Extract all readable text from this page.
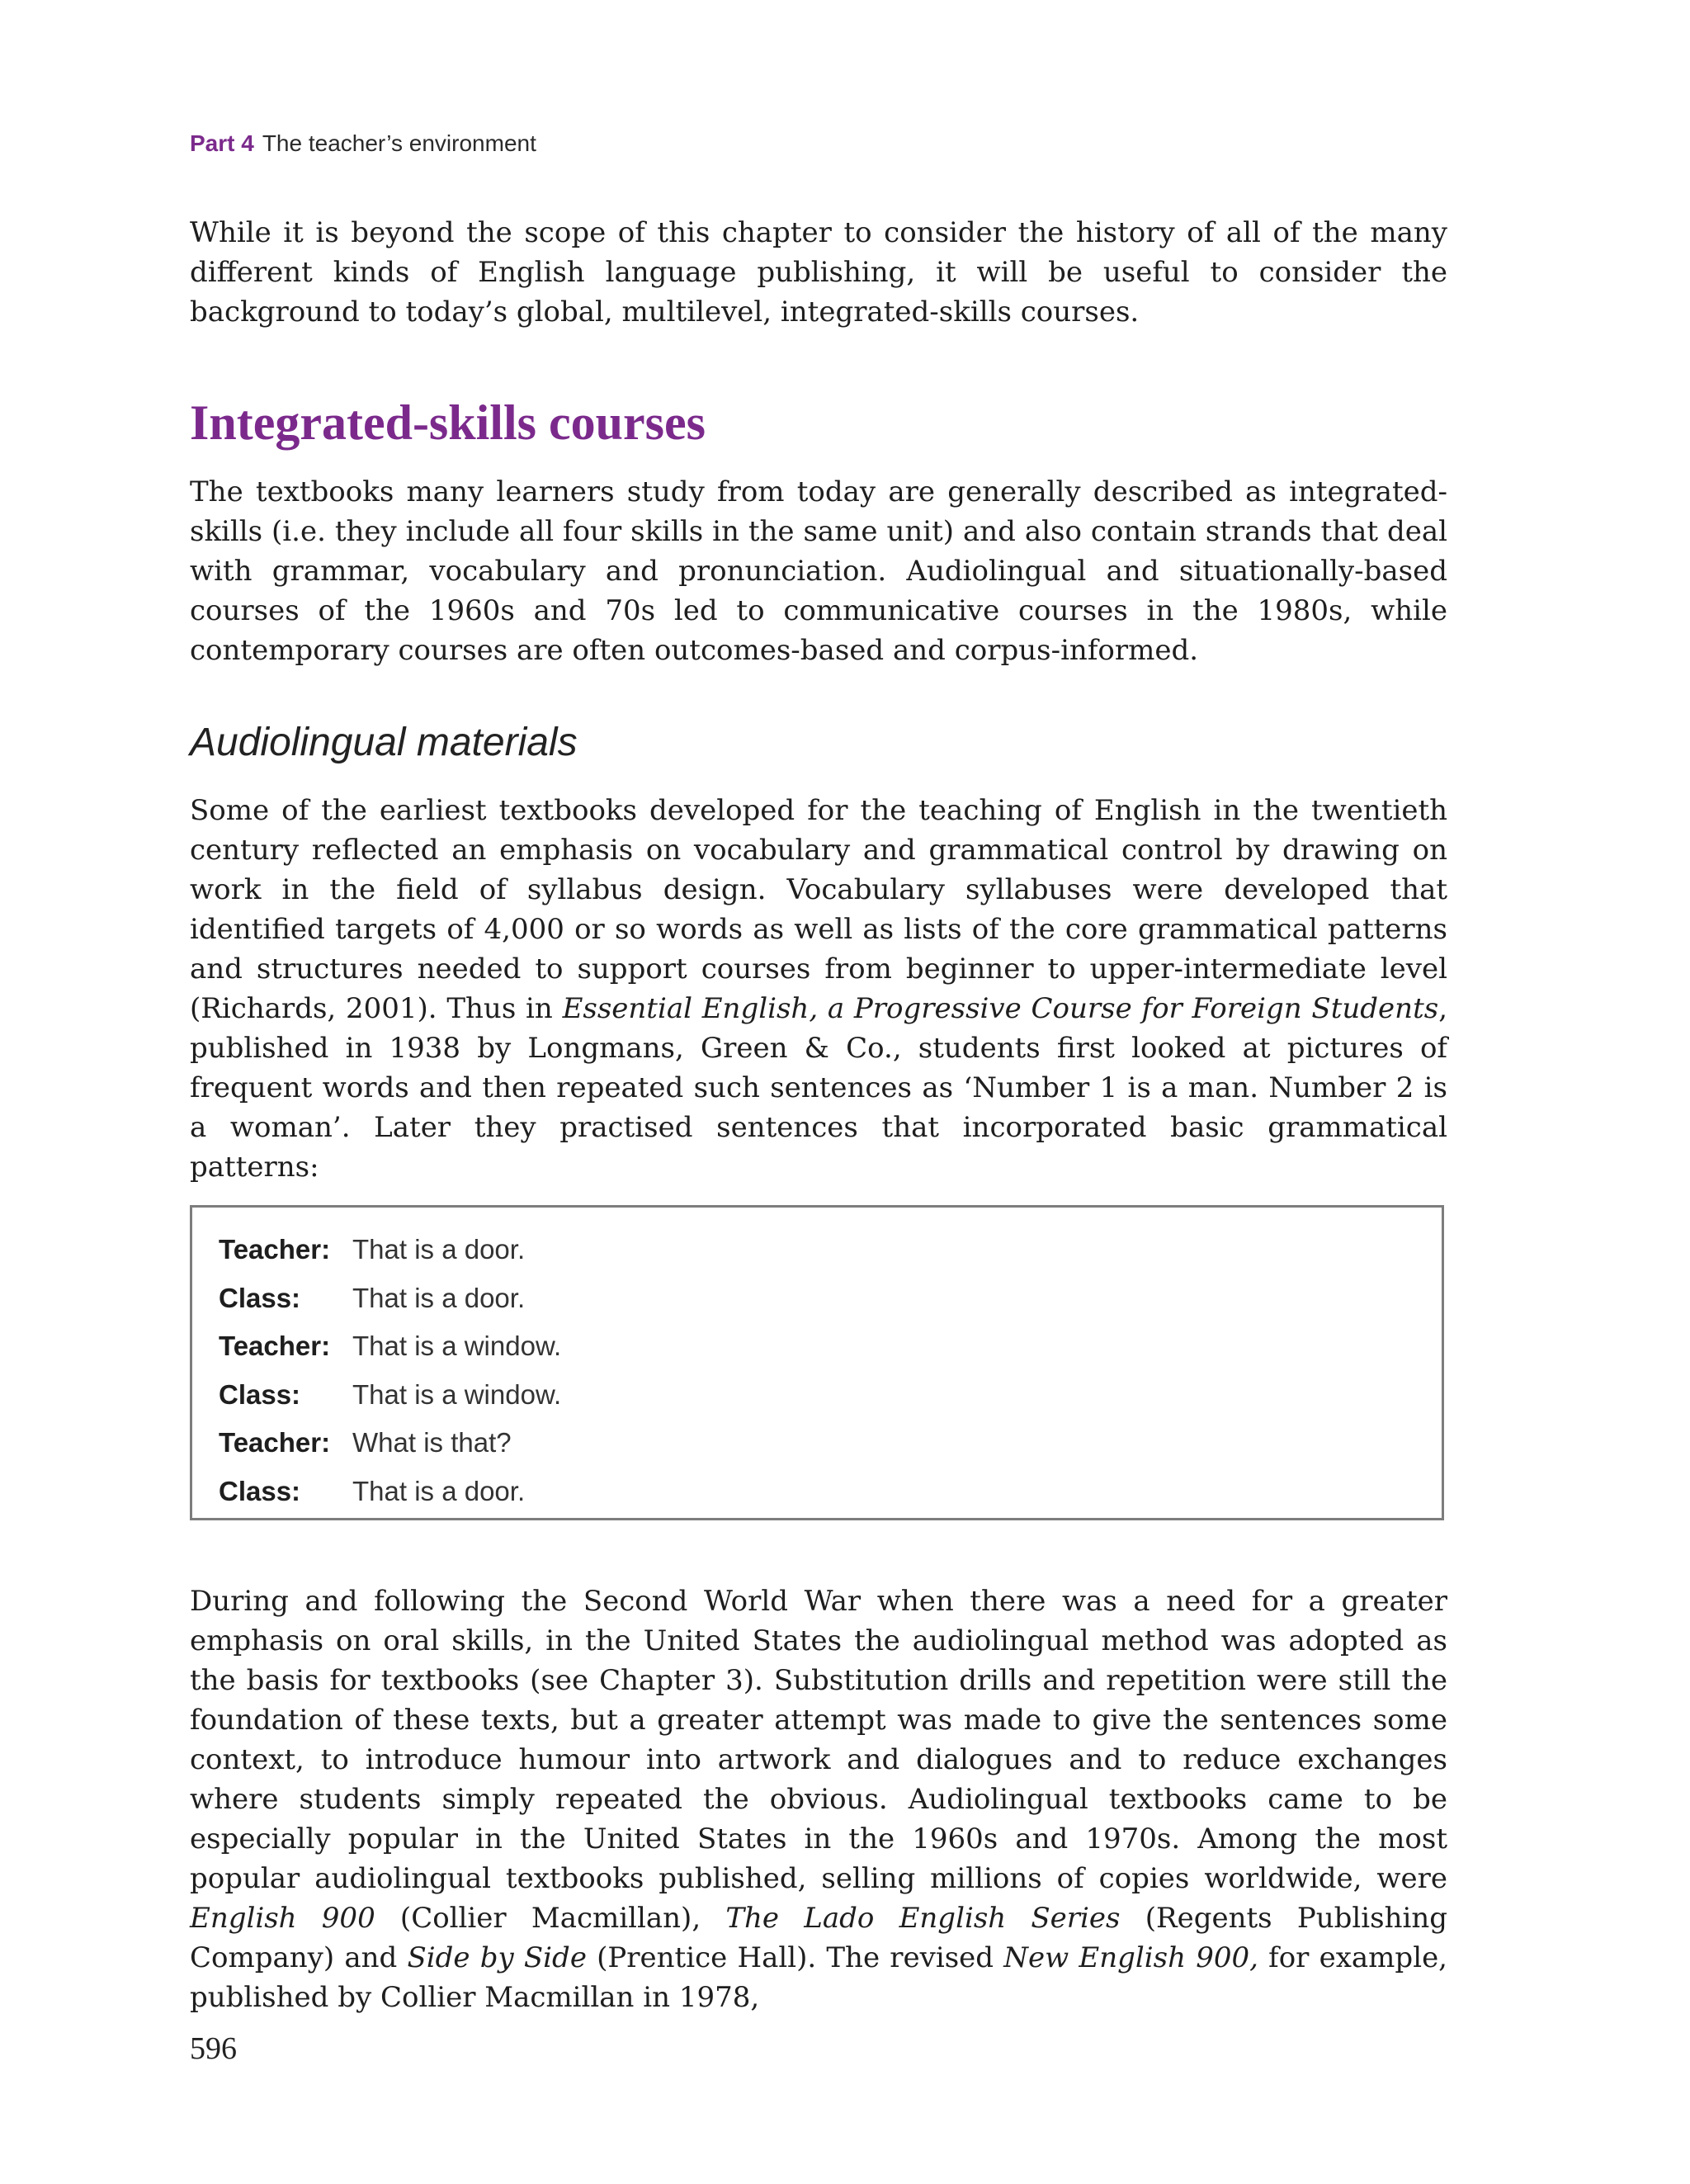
Part 4 The teacher’s environment

While it is beyond the scope of this chapter to consider the history of all of the many different kinds of English language publishing, it will be useful to consider the background to today’s global, multilevel, integrated-skills courses.

Integrated-skills courses

The textbooks many learners study from today are generally described as integrated-skills (i.e. they include all four skills in the same unit) and also contain strands that deal with grammar, vocabulary and pronunciation. Audiolingual and situationally-based courses of the 1960s and 70s led to communicative courses in the 1980s, while contemporary courses are often outcomes-based and corpus-informed.

Audiolingual materials

Some of the earliest textbooks developed for the teaching of English in the twentieth century reflected an emphasis on vocabulary and grammatical control by drawing on work in the field of syllabus design. Vocabulary syllabuses were developed that identified targets of 4,000 or so words as well as lists of the core grammatical patterns and structures needed to support courses from beginner to upper-intermediate level (Richards, 2001). Thus in Essential English, a Progressive Course for Foreign Students, published in 1938 by Longmans, Green & Co., students first looked at pictures of frequent words and then repeated such sentences as ‘Number 1 is a man. Number 2 is a woman’. Later they practised sentences that incorporated basic grammatical patterns:

Teacher: That is a door.
Class:	That is a door.
Teacher: That is a window.
Class:	That is a window.
Teacher: What is that?
Class:	That is a door.

During and following the Second World War when there was a need for a greater emphasis on oral skills, in the United States the audiolingual method was adopted as the basis for textbooks (see Chapter 3). Substitution drills and repetition were still the foundation of these texts, but a greater attempt was made to give the sentences some context, to introduce humour into artwork and dialogues and to reduce exchanges where students simply repeated the obvious. Audiolingual textbooks came to be especially popular in the United States in the 1960s and 1970s. Among the most popular audiolingual textbooks published, selling millions of copies worldwide, were English 900 (Collier Macmillan), The Lado English Series (Regents Publishing Company) and Side by Side (Prentice Hall). The revised New English 900, for example, published by Collier Macmillan in 1978,

596
